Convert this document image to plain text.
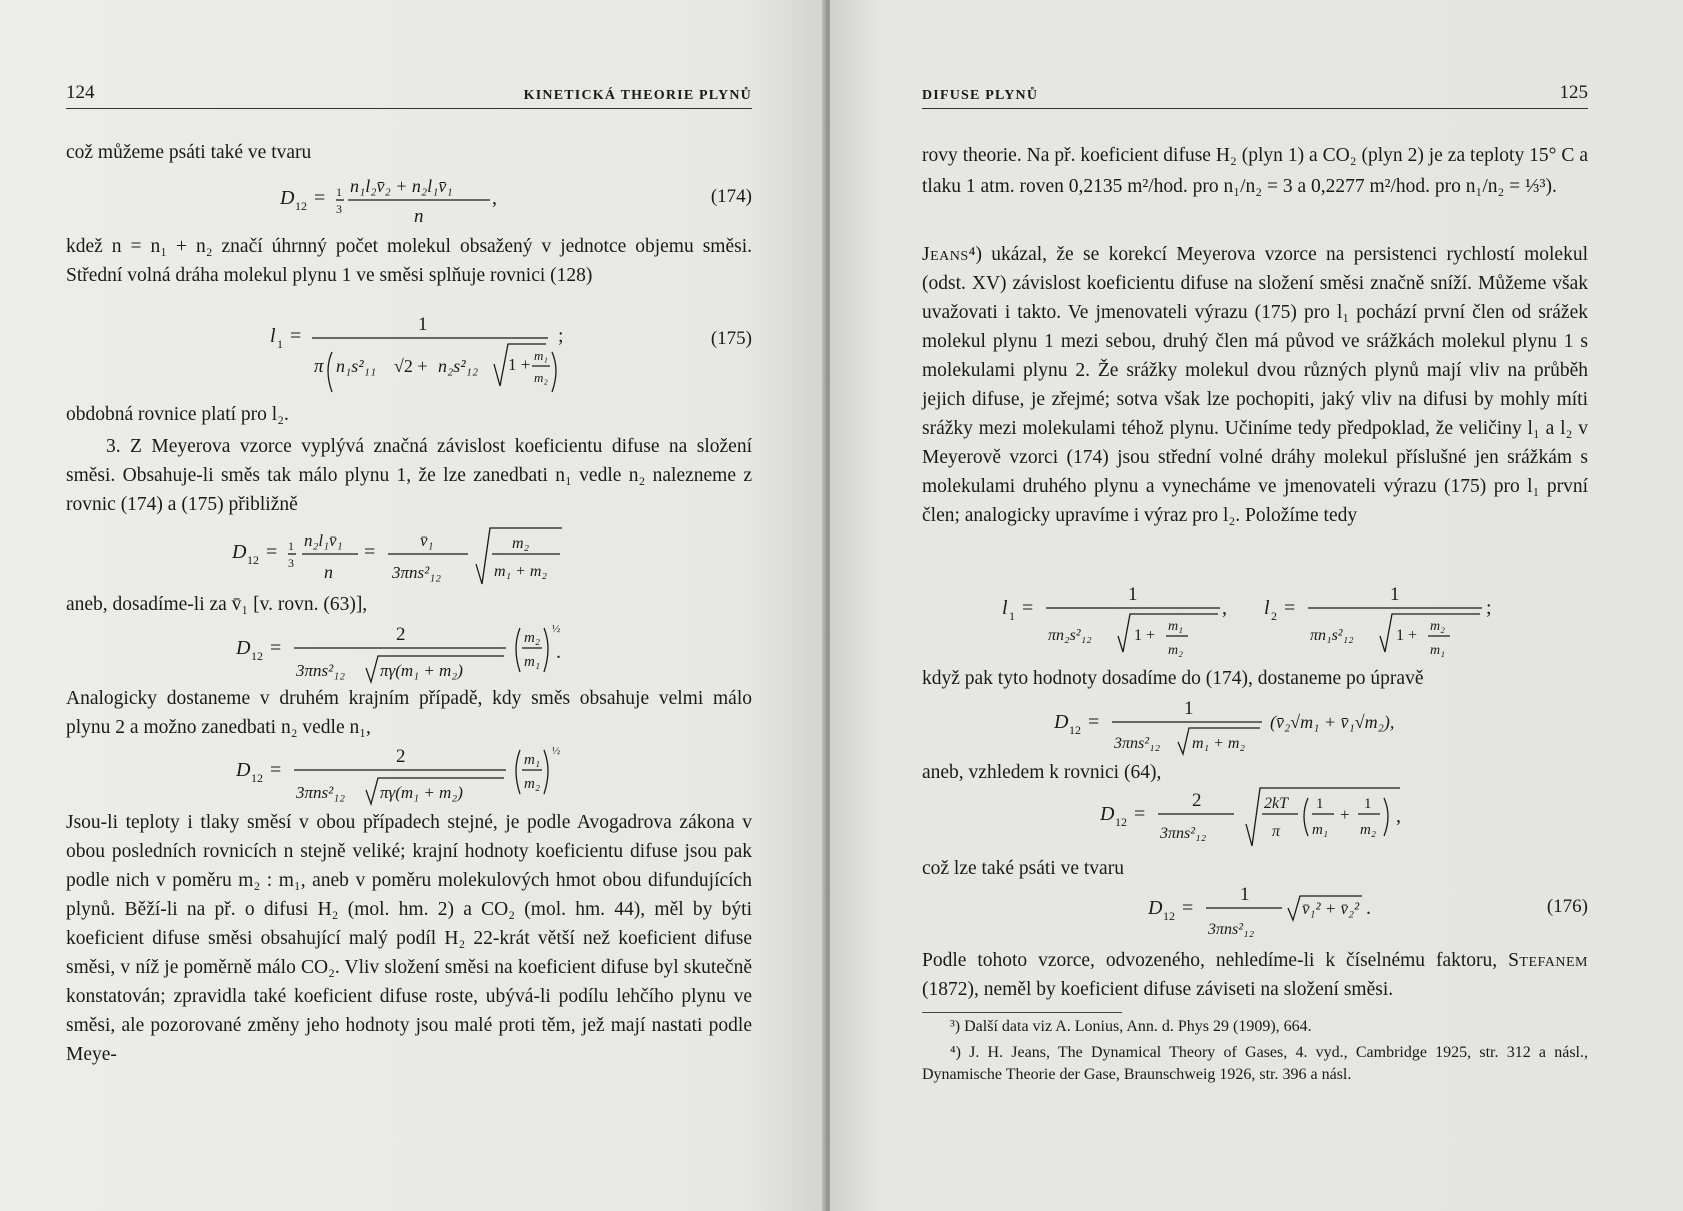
124	KINETICKÁ THEORIE PLYNŮ

což můžeme psáti také ve tvaru

D 12 = 1
3
n₁l₂v̄₂ + n₂l₁v̄₁
n
,	(174)

kdež n = n₁ + n₂ značí úhrnný počet molekul obsažený v jednotce objemu směsi. Střední volná dráha molekul plynu 1 ve směsi splňuje rovnici (128)

l 1 =
1
π n₁s²₁₁ √2 + n₂s²₁₂ 1 + m₁
m₂
;	(175)

obdobná rovnice platí pro l₂.

3. Z Meyerova vzorce vyplývá značná závislost koeficientu difuse na složení směsi. Obsahuje-li směs tak málo plynu 1, že lze zanedbati n₁ vedle n₂ nalezneme z rovnic (174) a (175) přibližně

D 12 = 1
3
n₂l₁v̄₁
n
=
v̄₁
3πns²₁₂
m₂
m₁ + m₂

aneb, dosadíme-li za v̄₁ [v. rovn. (63)],

D 12 =
2
3πns²₁₂ πγ(m₁ + m₂)
m₂
m₁
½
.

Analogicky dostaneme v druhém krajním případě, kdy směs obsahuje velmi málo plynu 2 a možno zanedbati n₂ vedle n₁,

D 12 =
2
3πns²₁₂ πγ(m₁ + m₂)
m₁
m₂
½

Jsou-li teploty i tlaky směsí v obou případech stejné, je podle Avogadrova zákona v obou posledních rovnicích n stejně veliké; krajní hodnoty koeficientu difuse jsou pak podle nich v poměru m₂ : m₁, aneb v poměru molekulových hmot obou difundujících plynů. Běží-li na př. o difusi H₂ (mol. hm. 2) a CO₂ (mol. hm. 44), měl by býti koeficient difuse směsi obsahující malý podíl H₂ 22-krát větší než koeficient difuse směsi, v níž je poměrně málo CO₂. Vliv složení směsi na koeficient difuse byl skutečně konstatován; zpravidla také koeficient difuse roste, ubývá-li podílu lehčího plynu ve směsi, ale pozorované změny jeho hodnoty jsou malé proti těm, jež mají nastati podle Meye-

DIFUSE PLYNŮ	125

rovy theorie. Na př. koeficient difuse H₂ (plyn 1) a CO₂ (plyn 2) je za teploty 15° C a tlaku 1 atm. roven 0,2135 m²/hod. pro n₁/n₂ = 3 a 0,2277 m²/hod. pro n₁/n₂ = ⅓³).

Jeans⁴) ukázal, že se korekcí Meyerova vzorce na persistenci rychlostí molekul (odst. XV) závislost koeficientu difuse na složení směsi značně sníží. Můžeme však uvažovati i takto. Ve jmenovateli výrazu (175) pro l₁ pochází první člen od srážek molekul plynu 1 mezi sebou, druhý člen má původ ve srážkách molekul plynu 1 s molekulami plynu 2. Že srážky molekul dvou různých plynů mají vliv na průběh jejich difuse, je zřejmé; sotva však lze pochopiti, jaký vliv na difusi by mohly míti srážky mezi molekulami téhož plynu. Učiníme tedy předpoklad, že veličiny l₁ a l₂ v Meyerově vzorci (174) jsou střední volné dráhy molekul příslušné jen srážkám s molekulami druhého plynu a vynecháme ve jmenovateli výrazu (175) pro l₁ první člen; analogicky upravíme i výraz pro l₂. Položíme tedy

l 1 =
1
πn₂s²₁₂	1 +
m₁
m₂
, l 2 =
1
πn₁s²₁₂	1 +
m₂
m₁
;

když pak tyto hodnoty dosadíme do (174), dostaneme po úpravě

D 12 =
1
3πns²₁₂ m₁ + m₂
(v̄₂√m₁ + v̄₁√m₂),

aneb, vzhledem k rovnici (64),

D 12 =
2
3πns²₁₂
2kT
π
1
m₁
+
1
m₂
,

což lze také psáti ve tvaru

D 12 =
1
3πns²₁₂
v̄₁² + v̄₂² .	(176)

Podle tohoto vzorce, odvozeného, nehledíme-li k číselnému faktoru, Stefanem (1872), neměl by koeficient difuse záviseti na složení směsi.

³) Další data viz A. Lonius, Ann. d. Phys 29 (1909), 664.

⁴) J. H. Jeans, The Dynamical Theory of Gases, 4. vyd., Cambridge 1925, str. 312 a násl., Dynamische Theorie der Gase, Braunschweig 1926, str. 396 a násl.
